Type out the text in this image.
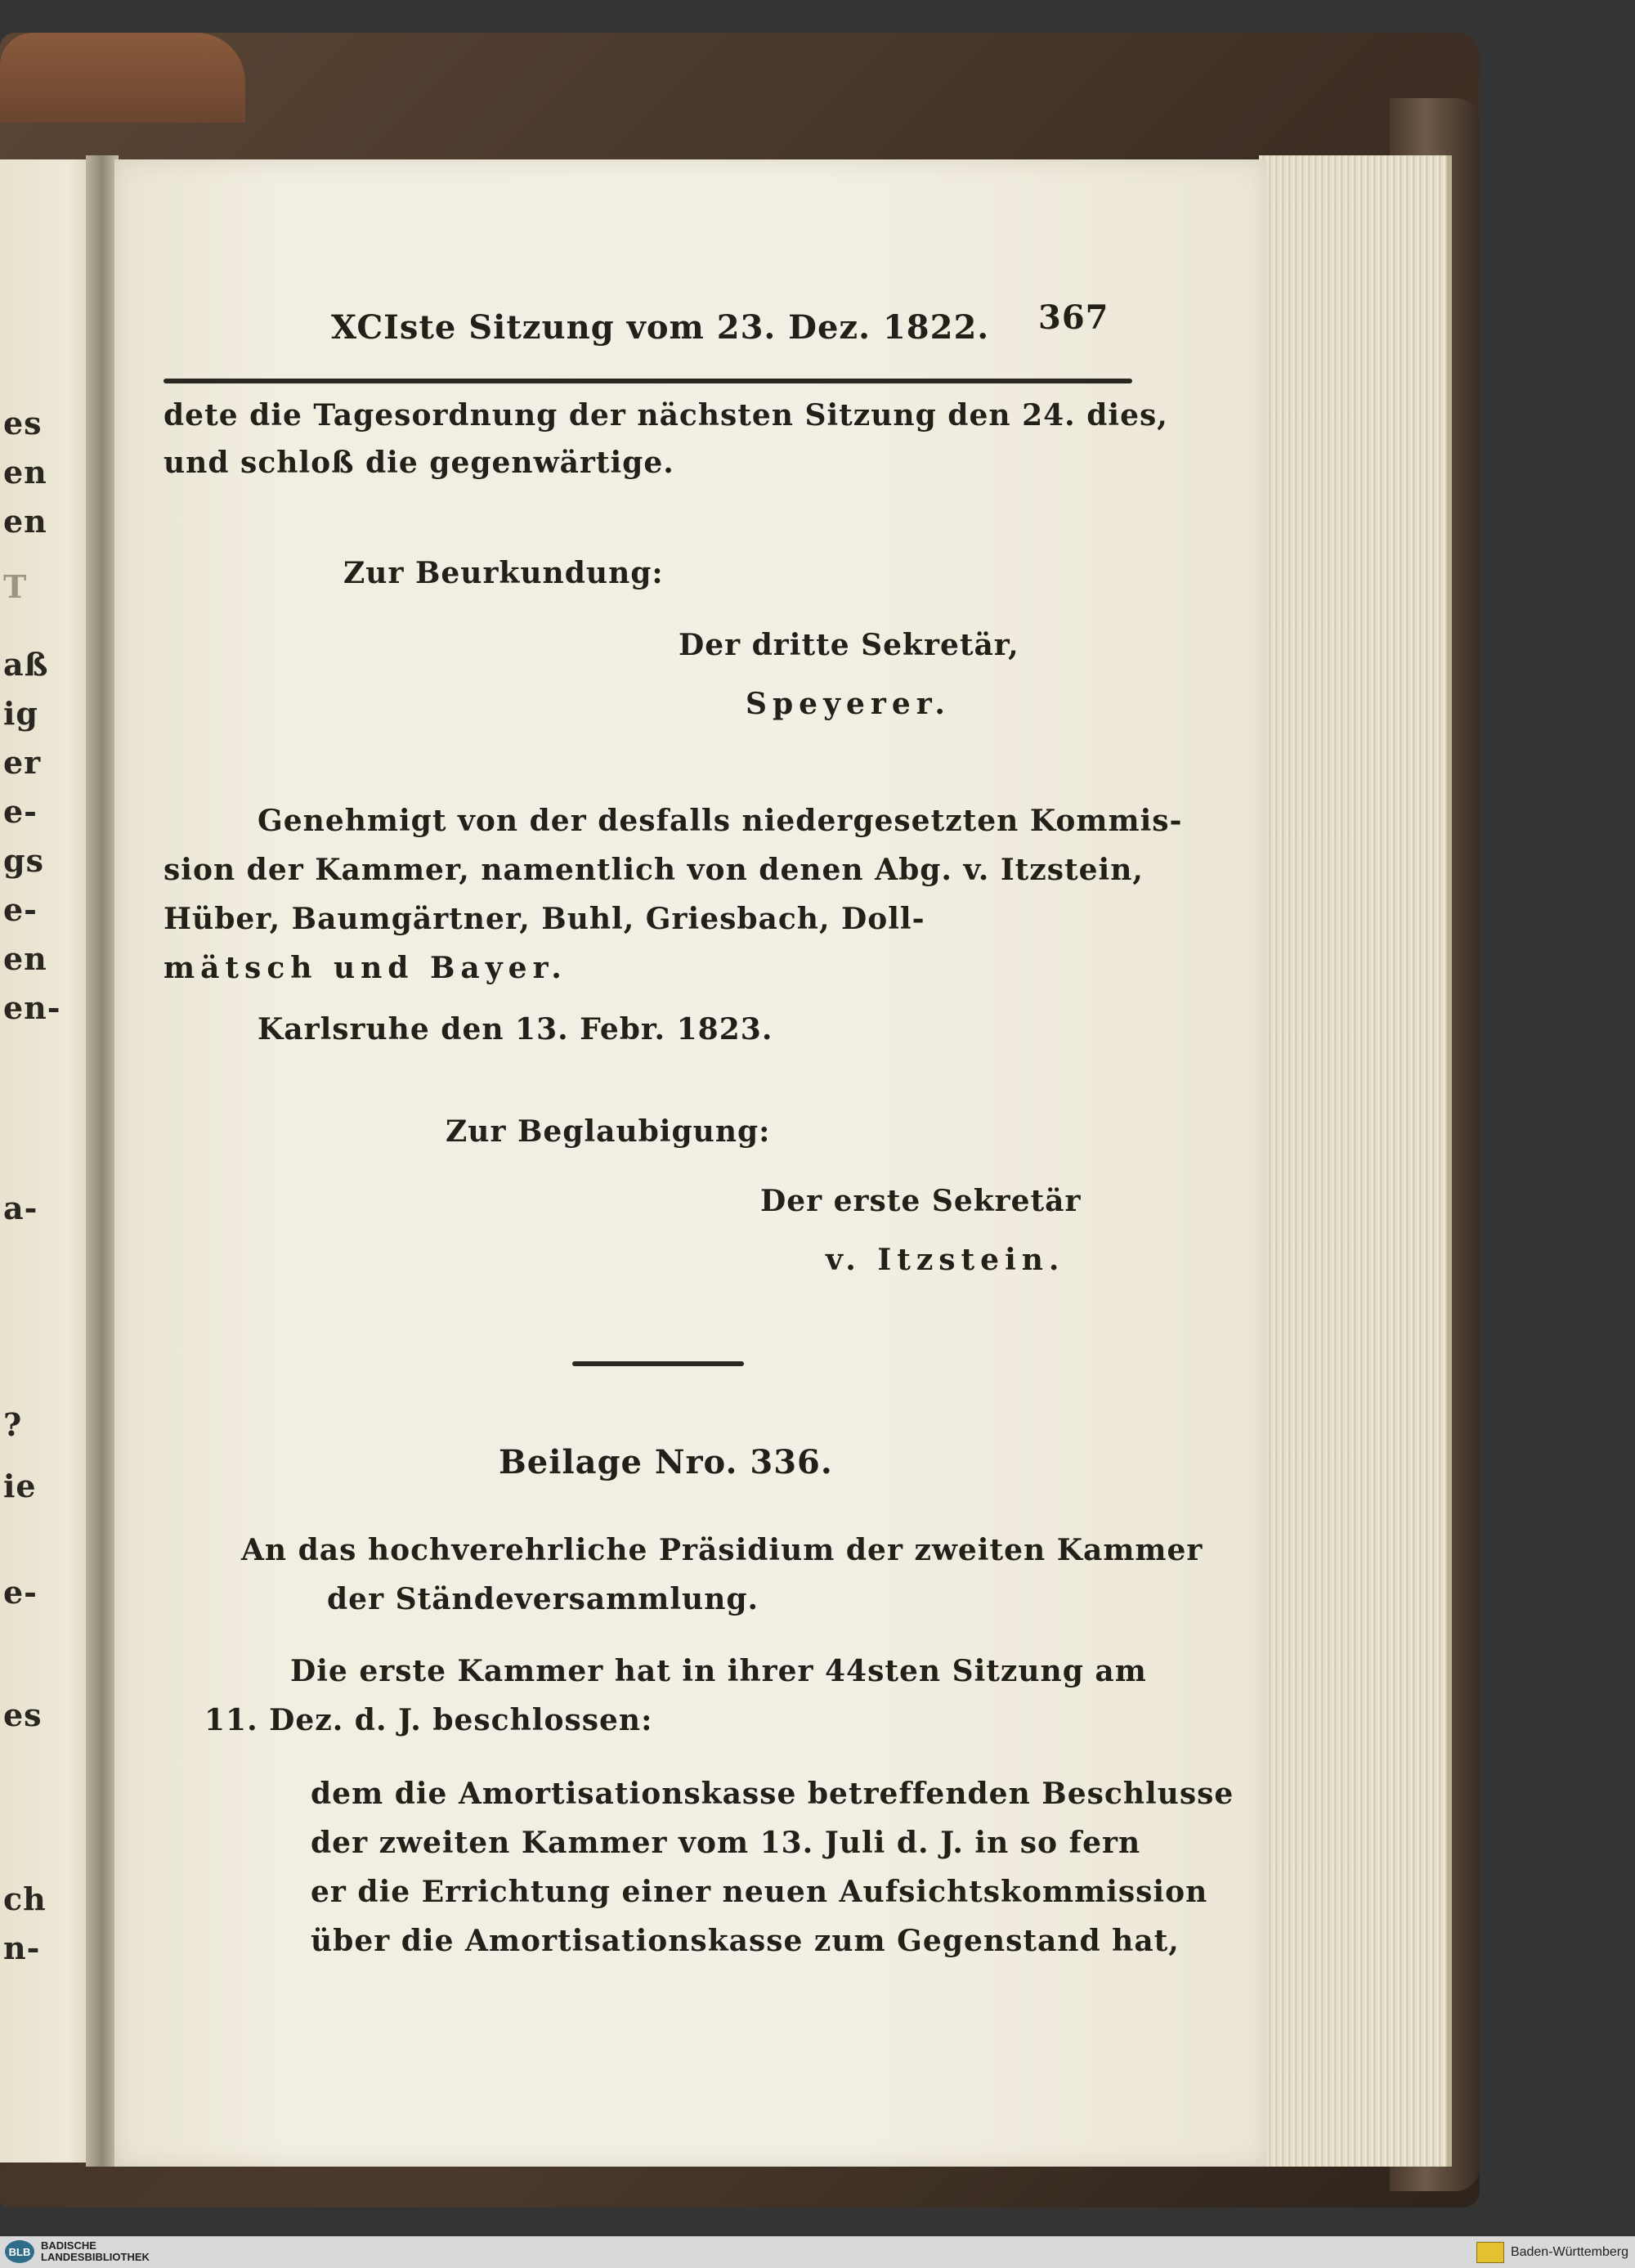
es
en
en
T
aß
ig
er
e-
gs
e-
en
en-
a-
?
ie
e-
es
ch
n-
XCIste Sitzung vom 23. Dez. 1822. 367
dete die Tagesordnung der nächsten Sitzung den 24. dies,
und schloß die gegenwärtige.
Zur Beurkundung:
Der dritte Sekretär,
Speyerer.
Genehmigt von der desfalls niedergesetzten Kommis-
sion der Kammer, namentlich von denen Abg. v. Itzstein,
Hüber, Baumgärtner, Buhl, Griesbach, Doll-
mätsch und Bayer.
Karlsruhe den 13. Febr. 1823.
Zur Beglaubigung:
Der erste Sekretär
v. Itzstein.
Beilage Nro. 336.
An das hochverehrliche Präsidium der zweiten Kammer
der Ständeversammlung.
Die erste Kammer hat in ihrer 44sten Sitzung am
11. Dez. d. J. beschlossen:
dem die Amortisationskasse betreffenden Beschlusse
der zweiten Kammer vom 13. Juli d. J. in so fern
er die Errichtung einer neuen Aufsichtskommission
über die Amortisationskasse zum Gegenstand hat,
BLB BADISCHE
LANDESBIBLIOTHEK	Baden-Württemberg
